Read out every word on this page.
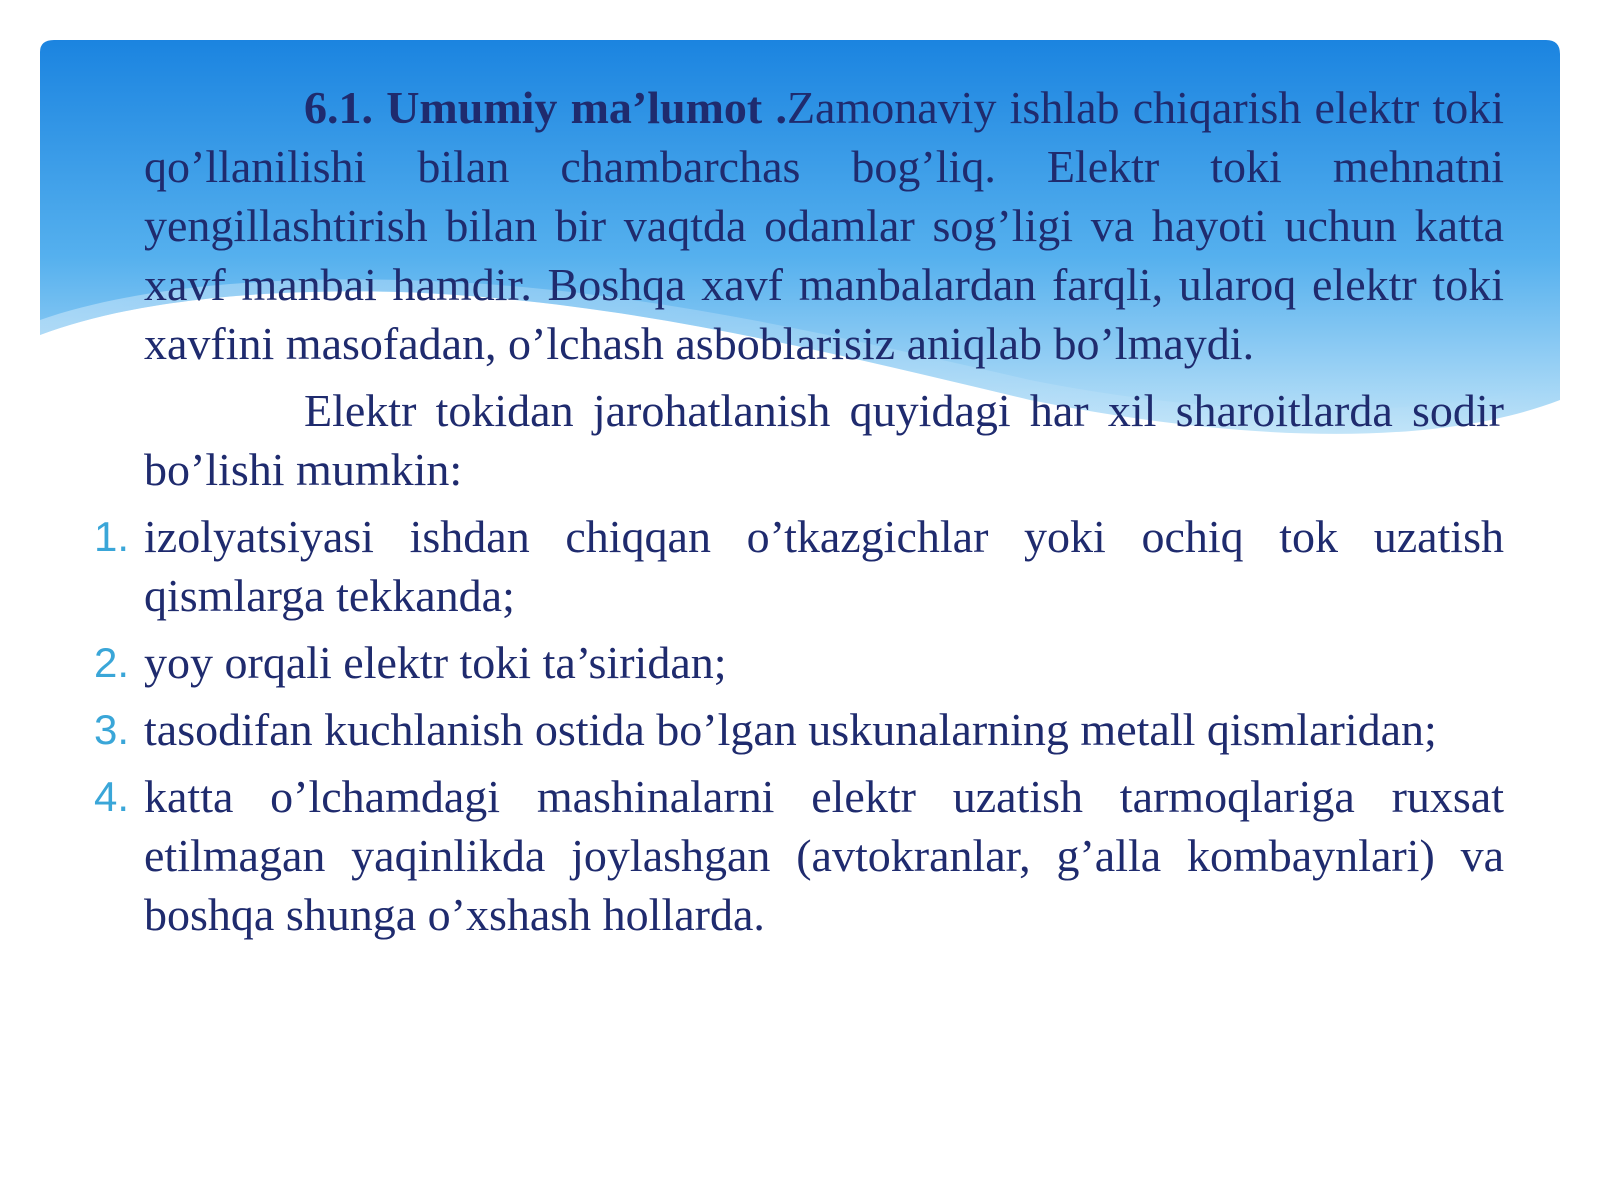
6.1. Umumiy ma’lumot .Zamonaviy ishlab chiqarish elektr toki qo’llanilishi bilan chambarchas bog’liq. Elektr toki mehnatni yengillashtirish bilan bir vaqtda odamlar sog’ligi va hayoti uchun katta xavf manbai hamdir. Boshqa xavf manbalardan farqli, ularoq elektr toki xavfini masofadan, o’lchash asboblarisiz aniqlab bo’lmaydi.

Elektr tokidan jarohatlanish quyidagi har xil sharoitlarda sodir bo’lishi mumkin:

1. izolyatsiyasi ishdan chiqqan o’tkazgichlar yoki ochiq tok uzatish qismlarga tekkanda;
2. yoy orqali elektr toki ta’siridan;
3. tasodifan kuchlanish ostida bo’lgan uskunalarning metall qismlaridan;
4. katta o’lchamdagi mashinalarni elektr uzatish tarmoqlariga ruxsat etilmagan yaqinlikda joylashgan (avtokranlar, g’alla kombaynlari) va boshqa shunga o’xshash hollarda.
